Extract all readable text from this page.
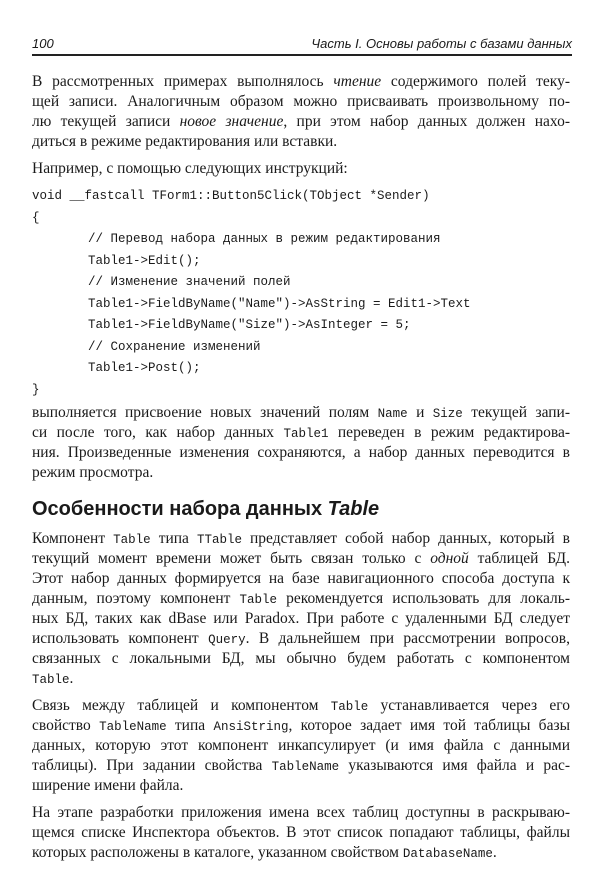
100	Часть I. Основы работы с базами данных
В рассмотренных примерах выполнялось чтение содержимого полей теку-
щей записи. Аналогичным образом можно присваивать произвольному по-
лю текущей записи новое значение, при этом набор данных должен нахо-
диться в режиме редактирования или вставки.
Например, с помощью следующих инструкций:
void __fastcall TForm1::Button5Click(TObject *Sender)
{
// Перевод набора данных в режим редактирования
Table1->Edit();
// Изменение значений полей
Table1->FieldByName("Name")->AsString = Edit1->Text
Table1->FieldByName("Size")->AsInteger = 5;
// Сохранение изменений
Table1->Post();
}
выполняется присвоение новых значений полям Name и Size текущей запи-
си после того, как набор данных Table1 переведен в режим редактирова-
ния. Произведенные изменения сохраняются, а набор данных переводится в
режим просмотра.
Особенности набора данных Table
Компонент Table типа TTable представляет собой набор данных, который в
текущий момент времени может быть связан только с одной таблицей БД.
Этот набор данных формируется на базе навигационного способа доступа к
данным, поэтому компонент Table рекомендуется использовать для локаль-
ных БД, таких как dBase или Paradox. При работе с удаленными БД следует
использовать компонент Query. В дальнейшем при рассмотрении вопросов,
связанных с локальными БД, мы обычно будем работать с компонентом
Table.
Связь между таблицей и компонентом Table устанавливается через его
свойство TableName типа AnsiString, которое задает имя той таблицы базы
данных, которую этот компонент инкапсулирует (и имя файла с данными
таблицы). При задании свойства TableName указываются имя файла и рас-
ширение имени файла.
На этапе разработки приложения имена всех таблиц доступны в раскрываю-
щемся списке Инспектора объектов. В этот список попадают таблицы, файлы
которых расположены в каталоге, указанном свойством DatabaseName.
